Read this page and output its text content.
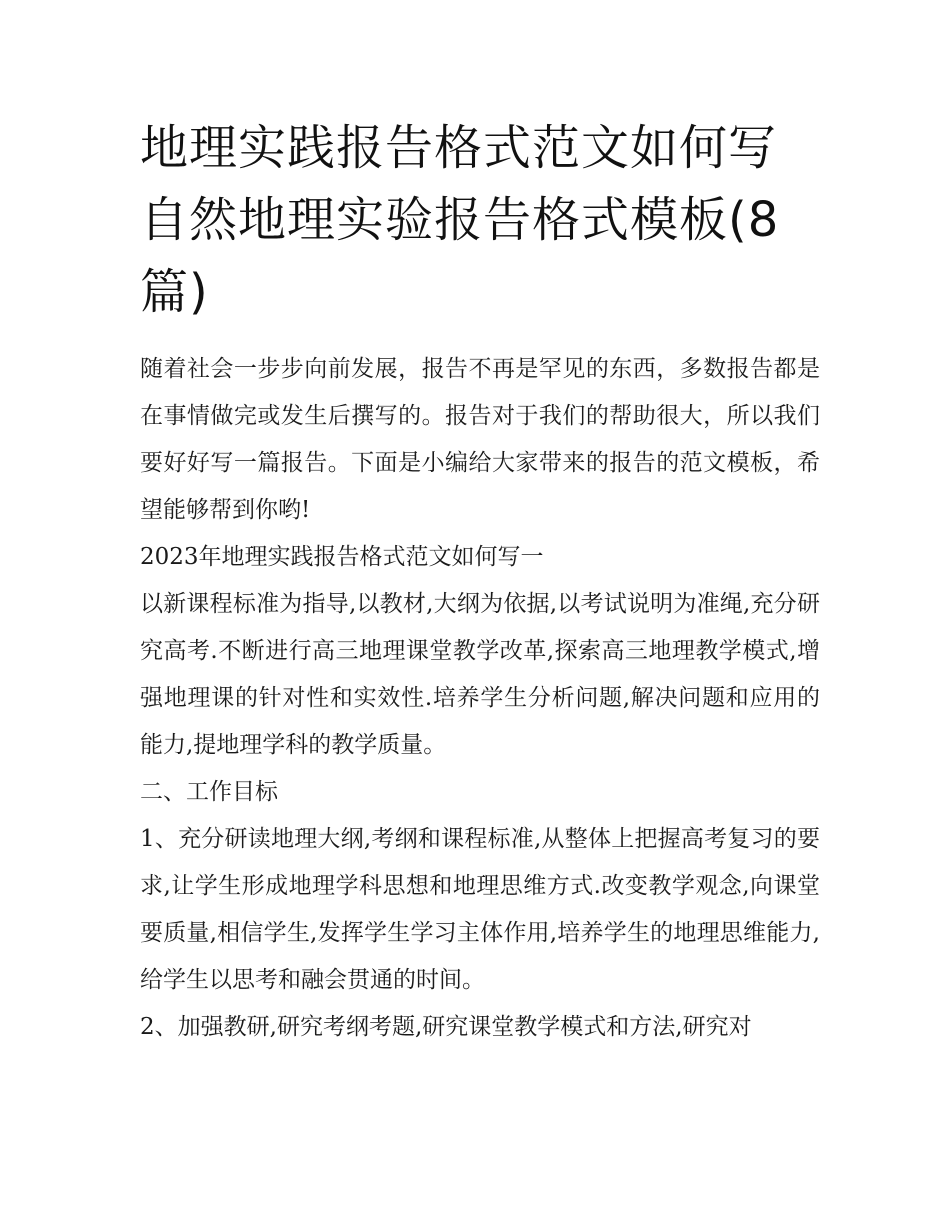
地理实践报告格式范文如何写自然地理实验报告格式模板(8篇)

随着社会一步步向前发展，报告不再是罕见的东西，多数报告都是在事情做完或发生后撰写的。报告对于我们的帮助很大，所以我们要好好写一篇报告。下面是小编给大家带来的报告的范文模板，希望能够帮到你哟!

2023年地理实践报告格式范文如何写一

以新课程标准为指导,以教材,大纲为依据,以考试说明为准绳,充分研究高考.不断进行高三地理课堂教学改革,探索高三地理教学模式,增强地理课的针对性和实效性.培养学生分析问题,解决问题和应用的能力,提地理学科的教学质量。

二、工作目标

1、充分研读地理大纲,考纲和课程标准,从整体上把握高考复习的要求,让学生形成地理学科思想和地理思维方式.改变教学观念,向课堂要质量,相信学生,发挥学生学习主体作用,培养学生的地理思维能力,给学生以思考和融会贯通的时间。

2、加强教研,研究考纲考题,研究课堂教学模式和方法,研究对
